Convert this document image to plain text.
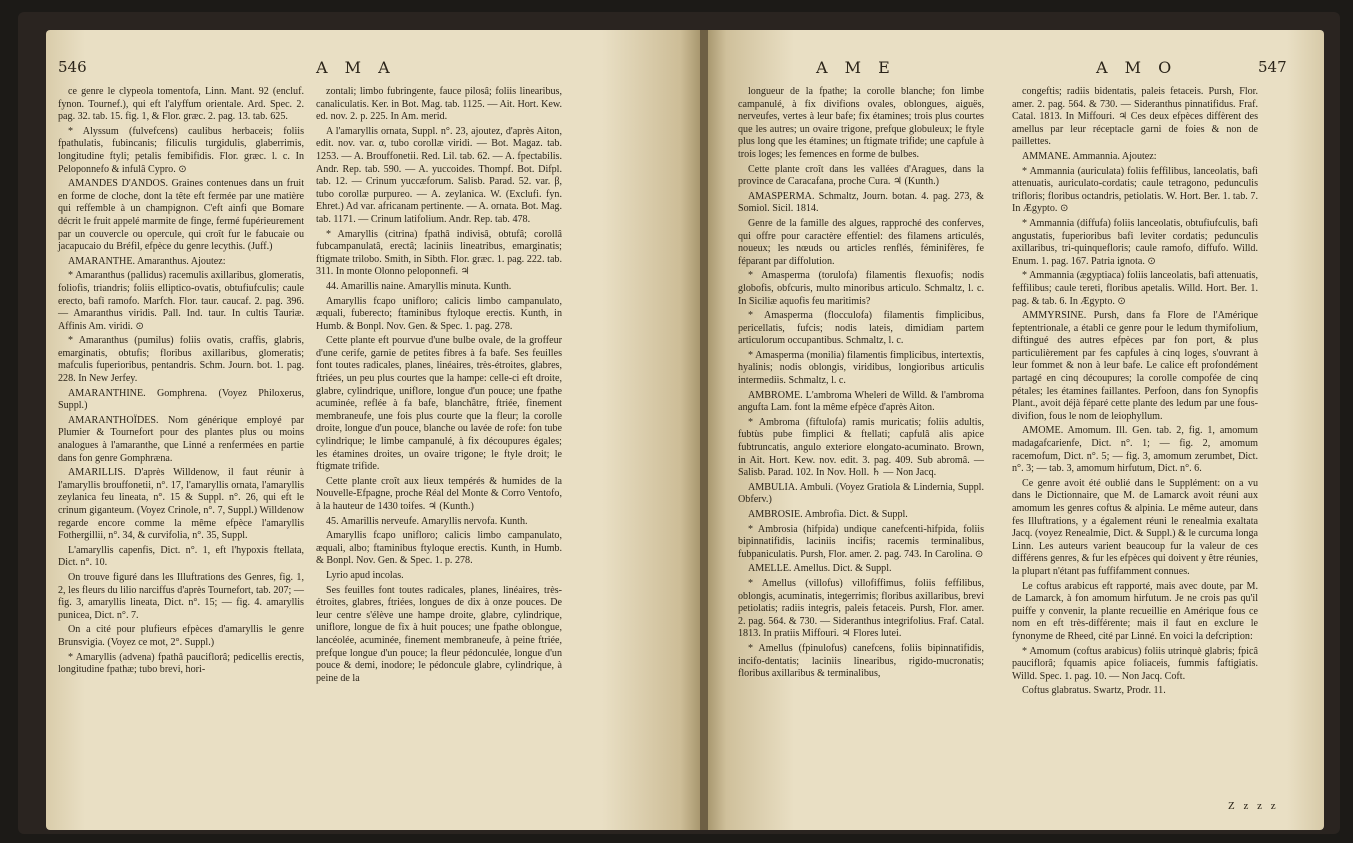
546	A M A

ce genre le clypeola tomentofa, Linn. Mant. 92 (encluf. fynon. Tournef.), qui eft l'alyffum orientale. Ard. Spec. 2. pag. 32. tab. 15. fig. 1, & Flor. græc. 2. pag. 13. tab. 625.

* Alyssum (fulvefcens) caulibus herbaceis; foliis fpathulatis, fubincanis; filiculis turgidulis, glaberrimis, longitudine ftyli; petalis femibifidis. Flor. græc. l. c. In Peloponnefo & infulâ Cypro. ⊙

AMANDES D'ANDOS. Graines contenues dans un fruit en forme de cloche, dont la tête eft fermée par une matière qui reffemble à un champignon. C'eft ainfi que Bomare décrit le fruit appelé marmite de finge, fermé fupérieurement par un couvercle ou opercule, qui croît fur le fabucaie ou jacapucaio du Bréfil, efpèce du genre lecythis. (Juff.)

AMARANTHE. Amaranthus. Ajoutez:

* Amaranthus (pallidus) racemulis axillaribus, glomeratis, foliofis, triandris; foliis elliptico-ovatis, obtufiufculis; caule erecto, bafi ramofo. Marfch. Flor. taur. caucaf. 2. pag. 396. — Amaranthus viridis. Pall. Ind. taur. In cultis Tauriæ. Affinis Am. viridi. ⊙

* Amaranthus (pumilus) foliis ovatis, craffis, glabris, emarginatis, obtufis; floribus axillaribus, glomeratis; mafculis fuperioribus, pentandris. Schm. Journ. bot. 1. pag. 228. In New Jerfey.

AMARANTHINE. Gomphrena. (Voyez Philoxerus, Suppl.)

AMARANTHOÏDES. Nom générique employé par Plumier & Tournefort pour des plantes plus ou moins analogues à l'amaranthe, que Linné a renfermées en partie dans fon genre Gomphræna.

AMARILLIS. D'après Willdenow, il faut réunir à l'amaryllis brouffonetii, n°. 17, l'amaryllis ornata, l'amaryllis zeylanica feu lineata, n°. 15 & Suppl. n°. 26, qui eft le crinum giganteum. (Voyez Crinole, n°. 7, Suppl.) Willdenow regarde encore comme la même efpèce l'amaryllis Fothergillii, n°. 34, & curvifolia, n°. 35, Suppl.

L'amaryllis capenfis, Dict. n°. 1, eft l'hypoxis ftellata, Dict. n°. 10.

On trouve figuré dans les Illuftrations des Genres, fig. 1, 2, les fleurs du lilio narciffus d'après Tournefort, tab. 207; — fig. 3, amaryllis lineata, Dict. n°. 15; — fig. 4. amaryllis punicea, Dict. n°. 7.

On a cité pour plufieurs efpèces d'amaryllis le genre Brunsvigia. (Voyez ce mot, 2°. Suppl.)

* Amaryllis (advena) fpathâ pauciflorâ; pedicellis erectis, longitudine fpathæ; tubo brevi, hori-

zontali; limbo fubringente, fauce pilosâ; foliis linearibus, canaliculatis. Ker. in Bot. Mag. tab. 1125. — Ait. Hort. Kew. ed. nov. 2. p. 225. In Am. merid.

A l'amaryllis ornata, Suppl. n°. 23, ajoutez, d'après Aiton, edit. nov. var. α, tubo corollæ viridi. — Bot. Magaz. tab. 1253. — A. Brouffonetii. Red. Lil. tab. 62. — A. fpectabilis. Andr. Rep. tab. 590. — A. yuccoides. Thompf. Bot. Difpl. tab. 12. — Crinum yuccæforum. Salisb. Parad. 52. var. β, tubo corollæ purpureo. — A. zeylanica. W. (Exclufi. fyn. Ehret.) Ad var. africanam pertinente. — A. ornata. Bot. Mag. tab. 1171. — Crinum latifolium. Andr. Rep. tab. 478.

* Amaryllis (citrina) fpathâ indivisâ, obtufâ; corollâ fubcampanulatâ, erectâ; laciniis lineatribus, emarginatis; ftigmate trilobo. Smith, in Sibth. Flor. græc. 1. pag. 222. tab. 311. In monte Olonno peloponnefi. ♃

44. Amarillis naine. Amaryllis minuta. Kunth.

Amaryllis fcapo unifloro; calicis limbo campanulato, æquali, fuberecto; ftaminibus ftyloque erectis. Kunth, in Humb. & Bonpl. Nov. Gen. & Spec. 1. pag. 278.

Cette plante eft pourvue d'une bulbe ovale, de la groffeur d'une cerife, garnie de petites fibres à fa bafe. Ses feuilles font toutes radicales, planes, linéaires, très-étroites, glabres, ftriées, un peu plus courtes que la hampe: celle-ci eft droite, glabre, cylindrique, uniflore, longue d'un pouce; une fpathe acuminée, reflée à fa bafe, blanchâtre, ftriée, finement membraneufe, une fois plus courte que la fleur; la corolle droite, longue d'un pouce, blanche ou lavée de rofe: fon tube cylindrique; le limbe campanulé, à fix découpures égales; les étamines droites, un ovaire trigone; le ftyle droit; le ftigmate trifide.

Cette plante croît aux lieux tempérés & humides de la Nouvelle-Efpagne, proche Réal del Monte & Corro Ventofo, à la hauteur de 1430 toifes. ♃ (Kunth.)

45. Amarillis nerveufe. Amaryllis nervofa. Kunth.

Amaryllis fcapo unifloro; calicis limbo campanulato, æquali, albo; ftaminibus ftyloque erectis. Kunth, in Humb. & Bonpl. Nov. Gen. & Spec. 1. p. 278.

Lyrio apud incolas.

Ses feuilles font toutes radicales, planes, linéaires, très-étroites, glabres, ftriées, longues de dix à onze pouces. De leur centre s'élève une hampe droite, glabre, cylindrique, uniflore, longue de fix à huit pouces; une fpathe oblongue, lancéolée, acuminée, finement membraneufe, à peine ftriée, prefque longue d'un pouce; la fleur pédonculée, longue d'un pouce & demi, inodore; le pédoncule glabre, cylindrique, à peine de la

A M E	A M O	547

longueur de la fpathe; la corolle blanche; fon limbe campanulé, à fix divifions ovales, oblongues, aiguës, nerveufes, vertes à leur bafe; fix étamines; trois plus courtes que les autres; un ovaire trigone, prefque globuleux; le ftyle plus long que les étamines; un ftigmate trifide; une capfule à trois loges; les femences en forme de bulbes.

Cette plante croît dans les vallées d'Aragues, dans la province de Caracafana, proche Cura. ♃ (Kunth.)

AMASPERMA. Schmaltz, Journ. botan. 4. pag. 273, & Somiol. Sicil. 1814.

Genre de la famille des algues, rapproché des conferves, qui offre pour caractère effentiel: des filamens articulés, noueux; les nœuds ou articles renflés, féminifères, fe féparant par diffolution.

* Amasperma (torulofa) filamentis flexuofis; nodis globofis, obfcuris, multo minoribus articulo. Schmaltz, l. c. In Siciliæ aquofis feu maritimis?

* Amasperma (flocculofa) filamentis fimplicibus, pericellatis, fufcis; nodis lateis, dimidiam partem articulorum occupantibus. Schmaltz, l. c.

* Amasperma (monilia) filamentis fimplicibus, intertextis, hyalinis; nodis oblongis, viridibus, longioribus articulis intermediis. Schmaltz, l. c.

AMBROME. L'ambroma Wheleri de Willd. & l'ambroma angufta Lam. font la même efpèce d'après Aiton.

* Ambroma (fiftulofa) ramis muricatis; foliis adultis, fubtùs pube fimplici & ftellati; capfulâ alis apice fubtruncatis, angulo exteriore elongato-acuminato. Brown, in Ait. Hort. Kew. nov. edit. 3. pag. 409. Sub abromâ. — Salisb. Parad. 102. In Nov. Holl. ♄ — Non Jacq.

AMBULIA. Ambuli. (Voyez Gratiola & Lindernia, Suppl. Obferv.)

AMBROSIE. Ambrofia. Dict. & Suppl.

* Ambrosia (hifpida) undique canefcenti-hifpida, foliis bipinnatifidis, laciniis incifis; racemis terminalibus, fubpaniculatis. Pursh, Flor. amer. 2. pag. 743. In Carolina. ⊙

AMELLE. Amellus. Dict. & Suppl.

* Amellus (villofus) villofiffimus, foliis feffilibus, oblongis, acuminatis, integerrimis; floribus axillaribus, brevi petiolatis; radiis integris, paleis fetaceis. Pursh, Flor. amer. 2. pag. 564. & 730. — Sideranthus integrifolius. Fraf. Catal. 1813. In pratiis Miffouri. ♃ Flores lutei.

* Amellus (fpinulofus) canefcens, foliis bipinnatifidis, incifo-dentatis; laciniis linearibus, rigido-mucronatis; floribus axillaribus & terminalibus,

congeftis; radiis bidentatis, paleis fetaceis. Pursh, Flor. amer. 2. pag. 564. & 730. — Sideranthus pinnatifidus. Fraf. Catal. 1813. In Miffouri. ♃ Ces deux efpèces diffèrent des amellus par leur réceptacle garni de foies & non de paillettes.

AMMANE. Ammannia. Ajoutez:

* Ammannia (auriculata) foliis feffilibus, lanceolatis, bafi attenuatis, auriculato-cordatis; caule tetragono, pedunculis trifloris; floribus octandris, petiolatis. W. Hort. Ber. 1. tab. 7. In Ægypto. ⊙

* Ammannia (diffufa) foliis lanceolatis, obtufiufculis, bafi angustatis, fuperioribus bafi leviter cordatis; pedunculis axillaribus, tri-quinquefloris; caule ramofo, diffufo. Willd. Enum. 1. pag. 167. Patria ignota. ⊙

* Ammannia (ægyptiaca) foliis lanceolatis, bafi attenuatis, feffilibus; caule tereti, floribus apetalis. Willd. Hort. Ber. 1. pag. & tab. 6. In Ægypto. ⊙

AMMYRSINE. Pursh, dans fa Flore de l'Amérique feptentrionale, a établi ce genre pour le ledum thymifolium, diftingué des autres efpèces par fon port, & plus particulièrement par fes capfules à cinq loges, s'ouvrant à leur fommet & non à leur bafe. Le calice eft profondément partagé en cinq découpures; la corolle compofée de cinq pétales; les étamines faillantes. Perfoon, dans fon Synopfis Plant., avoit déjà féparé cette plante des ledum par une fous-divifion, fous le nom de leiophyllum.

AMOME. Amomum. Ill. Gen. tab. 2, fig. 1, amomum madagafcarienfe, Dict. n°. 1; — fig. 2, amomum racemofum, Dict. n°. 5; — fig. 3, amomum zerumbet, Dict. n°. 3; — tab. 3, amomum hirfutum, Dict. n°. 6.

Ce genre avoit été oublié dans le Supplément: on a vu dans le Dictionnaire, que M. de Lamarck avoit réuni aux amomum les genres coftus & alpinia. Le même auteur, dans fes Illuftrations, y a également réuni le renealmia exaltata Jacq. (voyez Renealmie, Dict. & Suppl.) & le curcuma longa Linn. Les auteurs varient beaucoup fur la valeur de ces différens genres, & fur les efpèces qui doivent y être réunies, la plupart n'étant pas fuffifamment connues.

Le coftus arabicus eft rapporté, mais avec doute, par M. de Lamarck, à fon amomum hirfutum. Je ne crois pas qu'il puiffe y convenir, la plante recueillie en Amérique fous ce nom en eft très-différente; mais il faut en exclure le fynonyme de Rheed, cité par Linné. En voici la defcription:

* Amomum (coftus arabicus) foliis utrinquè glabris; fpicâ pauciflorâ; fquamis apice foliaceis, fummis faftigiatis. Willd. Spec. 1. pag. 10. — Non Jacq. Coft.

Coftus glabratus. Swartz, Prodr. 11.

Z z z z
